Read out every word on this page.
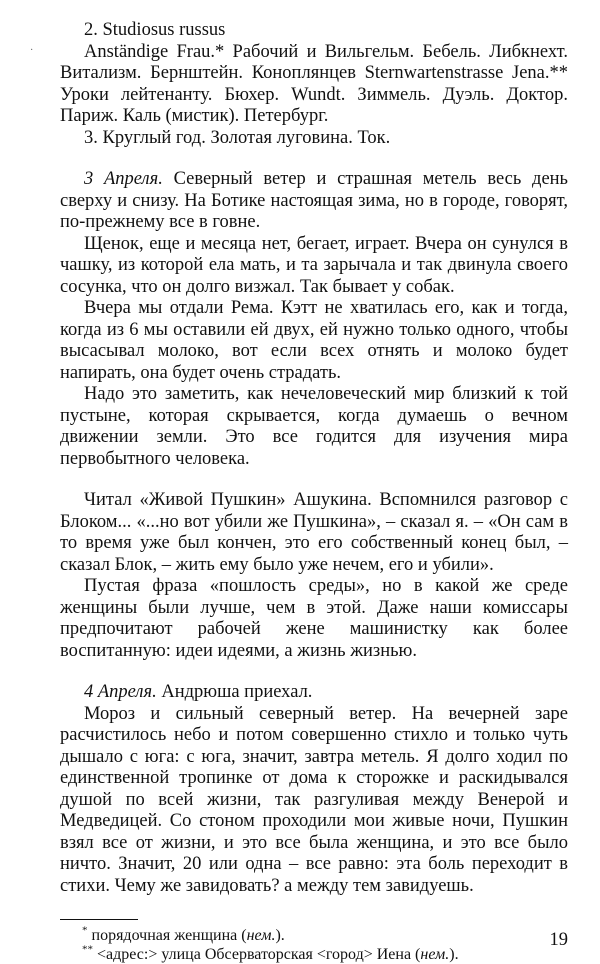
·

2. Studiosus russus

Anständige Frau.* Рабочий и Вильгельм. Бебель. Либкнехт. Витализм. Бернштейн. Коноплянцев Sternwartenstrasse Jena.** Уроки лейтенанту. Бюхер. Wundt. Зиммель. Дуэль. Доктор. Париж. Каль (мистик). Петербург.

3. Круглый год. Золотая луговина. Ток.

3 Апреля. Северный ветер и страшная метель весь день сверху и снизу. На Ботике настоящая зима, но в городе, говорят, по-прежнему все в говне.

Щенок, еще и месяца нет, бегает, играет. Вчера он сунулся в чашку, из которой ела мать, и та зарычала и так двинула своего сосунка, что он долго визжал. Так бывает у собак.

Вчера мы отдали Рема. Кэтт не хватилась его, как и тогда, когда из 6 мы оставили ей двух, ей нужно только одного, чтобы высасывал молоко, вот если всех отнять и молоко будет напирать, она будет очень страдать.

Надо это заметить, как нечеловеческий мир близкий к той пустыне, которая скрывается, когда думаешь о вечном движении земли. Это все годится для изучения мира первобытного человека.

Читал «Живой Пушкин» Ашукина. Вспомнился разговор с Блоком... «...но вот убили же Пушкина», – сказал я. – «Он сам в то время уже был кончен, это его собственный конец был, – сказал Блок, – жить ему было уже нечем, его и убили».

Пустая фраза «пошлость среды», но в какой же среде женщины были лучше, чем в этой. Даже наши комиссары предпочитают рабочей жене машинистку как более воспитанную: идеи идеями, а жизнь жизнью.

4 Апреля. Андрюша приехал.

Мороз и сильный северный ветер. На вечерней заре расчистилось небо и потом совершенно стихло и только чуть дышало с юга: с юга, значит, завтра метель. Я долго ходил по единственной тропинке от дома к сторожке и раскидывался душой по всей жизни, так разгуливая между Венерой и Медведицей. Со стоном проходили мои живые ночи, Пушкин взял все от жизни, и это все была женщина, и это все было ничто. Значит, 20 или одна – все равно: эта боль переходит в стихи. Чему же завидовать? а между тем завидуешь.

* порядочная женщина (нем.).

** <адрес:> улица Обсерваторская <город> Иена (нем.).

19
